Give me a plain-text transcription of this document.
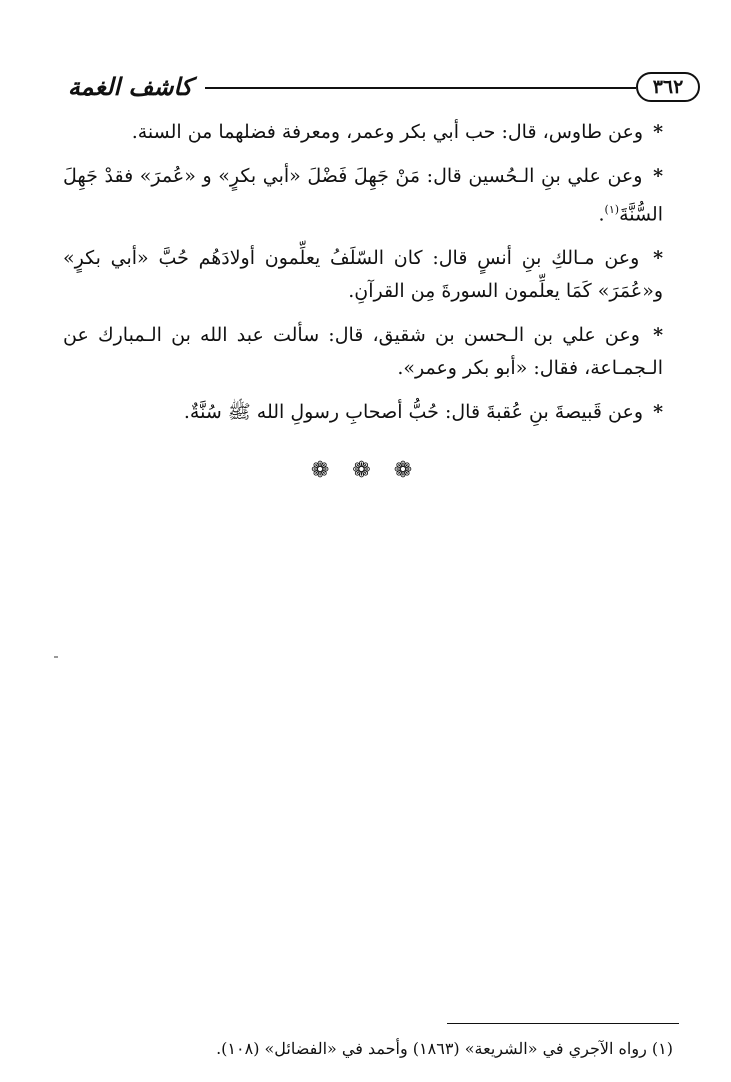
كاشف الغمة	٣٦٢

* وعن طاوس، قال: حب أبي بكر وعمر، ومعرفة فضلهما من السنة.

* وعن علي بنِ الـحُسين قال: مَنْ جَهِلَ فَضْلَ «أبي بكرٍ» و «عُمرَ» فقدْ جَهِلَ السُّنَّةَ$^{(١)}$.

* وعن مـالكِ بنِ أنسٍ قال: كان السّلَفُ يعلِّمون أولادَهُم حُبَّ «أبي بكرٍ» و«عُمَرَ» كَمَا يعلِّمون السورةَ مِن القرآنِ.

* وعن علي بن الـحسن بن شقيق، قال: سألت عبد الله بن الـمبارك عن الـجمـاعة، فقال: «أبو بكر وعمر».

* وعن قَبيصةَ بنِ عُقبةَ قال: حُبُّ أصحابِ رسولِ الله ﷺ سُنَّةٌ.

❁ ❁ ❁
(١) رواه الآجري في «الشريعة» (١٨٦٣) وأحمد في «الفضائل» (١٠٨).
